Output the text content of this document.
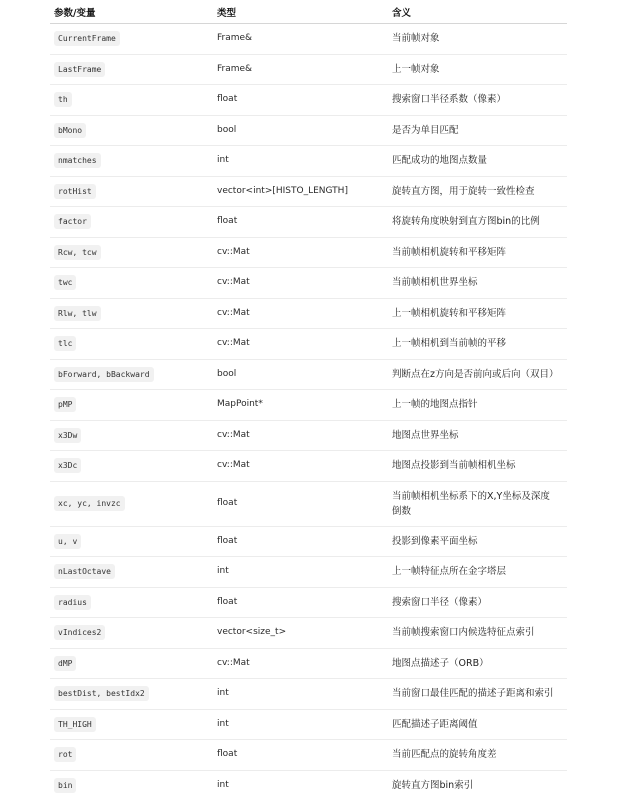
参数/变量	类型	含义
CurrentFrame	Frame&	当前帧对象
LastFrame	Frame&	上一帧对象
th	float	搜索窗口半径系数（像素）
bMono	bool	是否为单目匹配
nmatches	int	匹配成功的地图点数量
rotHist	vector<int>[HISTO_LENGTH]	旋转直方图，用于旋转一致性检查
factor	float	将旋转角度映射到直方图bin的比例
Rcw, tcw	cv::Mat	当前帧相机旋转和平移矩阵
twc	cv::Mat	当前帧相机世界坐标
Rlw, tlw	cv::Mat	上一帧相机旋转和平移矩阵
tlc	cv::Mat	上一帧相机到当前帧的平移
bForward, bBackward	bool	判断点在z方向是否前向或后向（双目）
pMP	MapPoint*	上一帧的地图点指针
x3Dw	cv::Mat	地图点世界坐标
x3Dc	cv::Mat	地图点投影到当前帧相机坐标
xc, yc, invzc	float	当前帧相机坐标系下的X,Y坐标及深度倒数
u, v	float	投影到像素平面坐标
nLastOctave	int	上一帧特征点所在金字塔层
radius	float	搜索窗口半径（像素）
vIndices2	vector<size_t>	当前帧搜索窗口内候选特征点索引
dMP	cv::Mat	地图点描述子（ORB）
bestDist, bestIdx2	int	当前窗口最佳匹配的描述子距离和索引
TH_HIGH	int	匹配描述子距离阈值
rot	float	当前匹配点的旋转角度差
bin	int	旋转直方图bin索引
